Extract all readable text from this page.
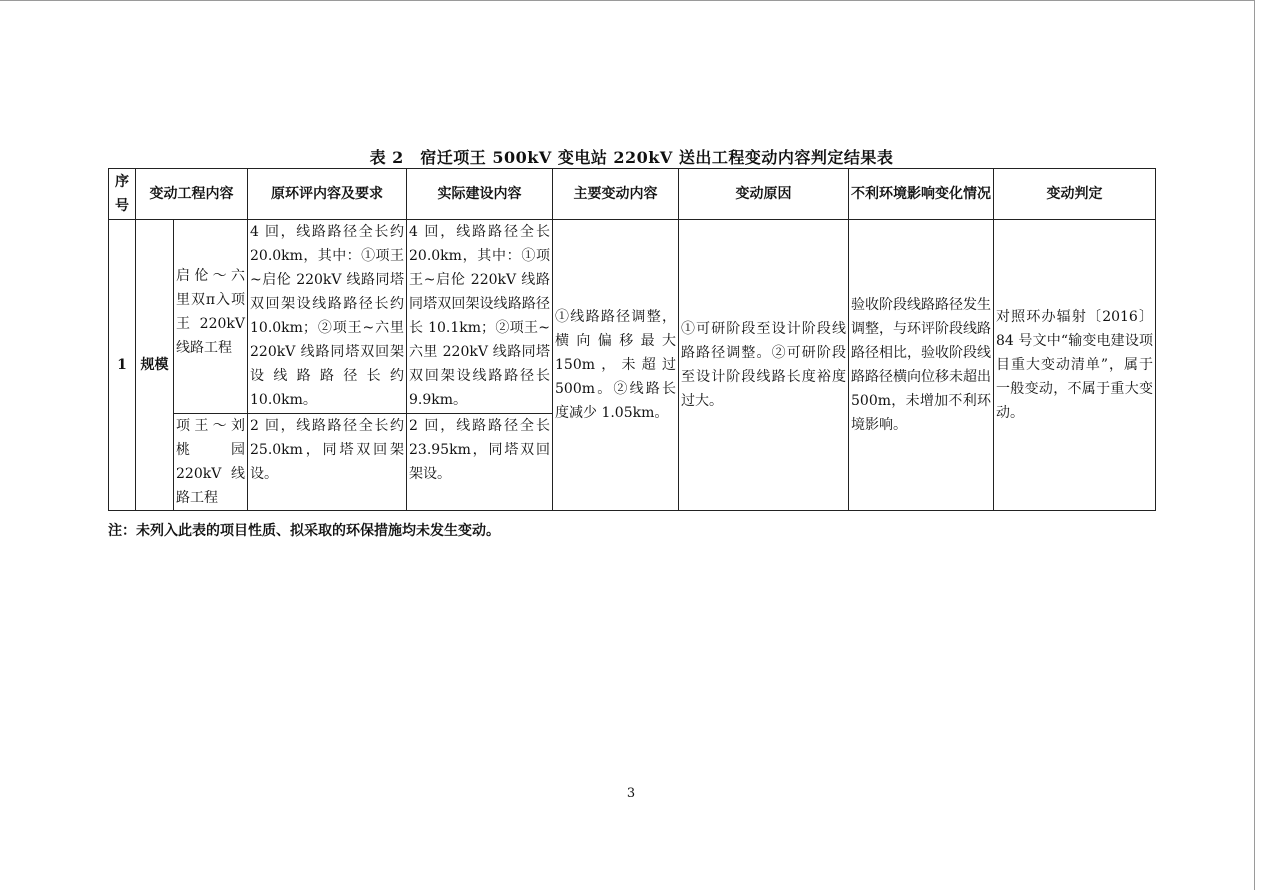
表 2　宿迁项王 500kV 变电站 220kV 送出工程变动内容判定结果表
序号	变动工程内容		原环评内容及要求	实际建设内容	主要变动内容	变动原因	不利环境影响变化情况	变动判定
1	规模	启伦～六里双π入项王 220kV 线路工程	4 回，线路路径全长约 20.0km，其中：①项王~启伦 220kV 线路同塔双回架设线路路径长约 10.0km；②项王~六里 220kV 线路同塔双回架设线路路径长约 10.0km。	4 回，线路路径全长 20.0km，其中：①项王~启伦 220kV 线路同塔双回架设线路路径长 10.1km；②项王~六里 220kV 线路同塔双回架设线路路径长 9.9km。	①线路路径调整，横向偏移最大 150m，未超过 500m。②线路长度减少 1.05km。	①可研阶段至设计阶段线路路径调整。②可研阶段至设计阶段线路长度裕度过大。	验收阶段线路路径发生调整，与环评阶段线路路径相比，验收阶段线路路径横向位移未超出500m，未增加不利环境影响。	对照环办辐射〔2016〕84 号文中“输变电建设项目重大变动清单”，属于一般变动，不属于重大变动。
		项王～刘桃园 220kV 线路工程	2 回，线路路径全长约 25.0km，同塔双回架设。	2 回，线路路径全长 23.95km，同塔双回架设。				
注：未列入此表的项目性质、拟采取的环保措施均未发生变动。
3
